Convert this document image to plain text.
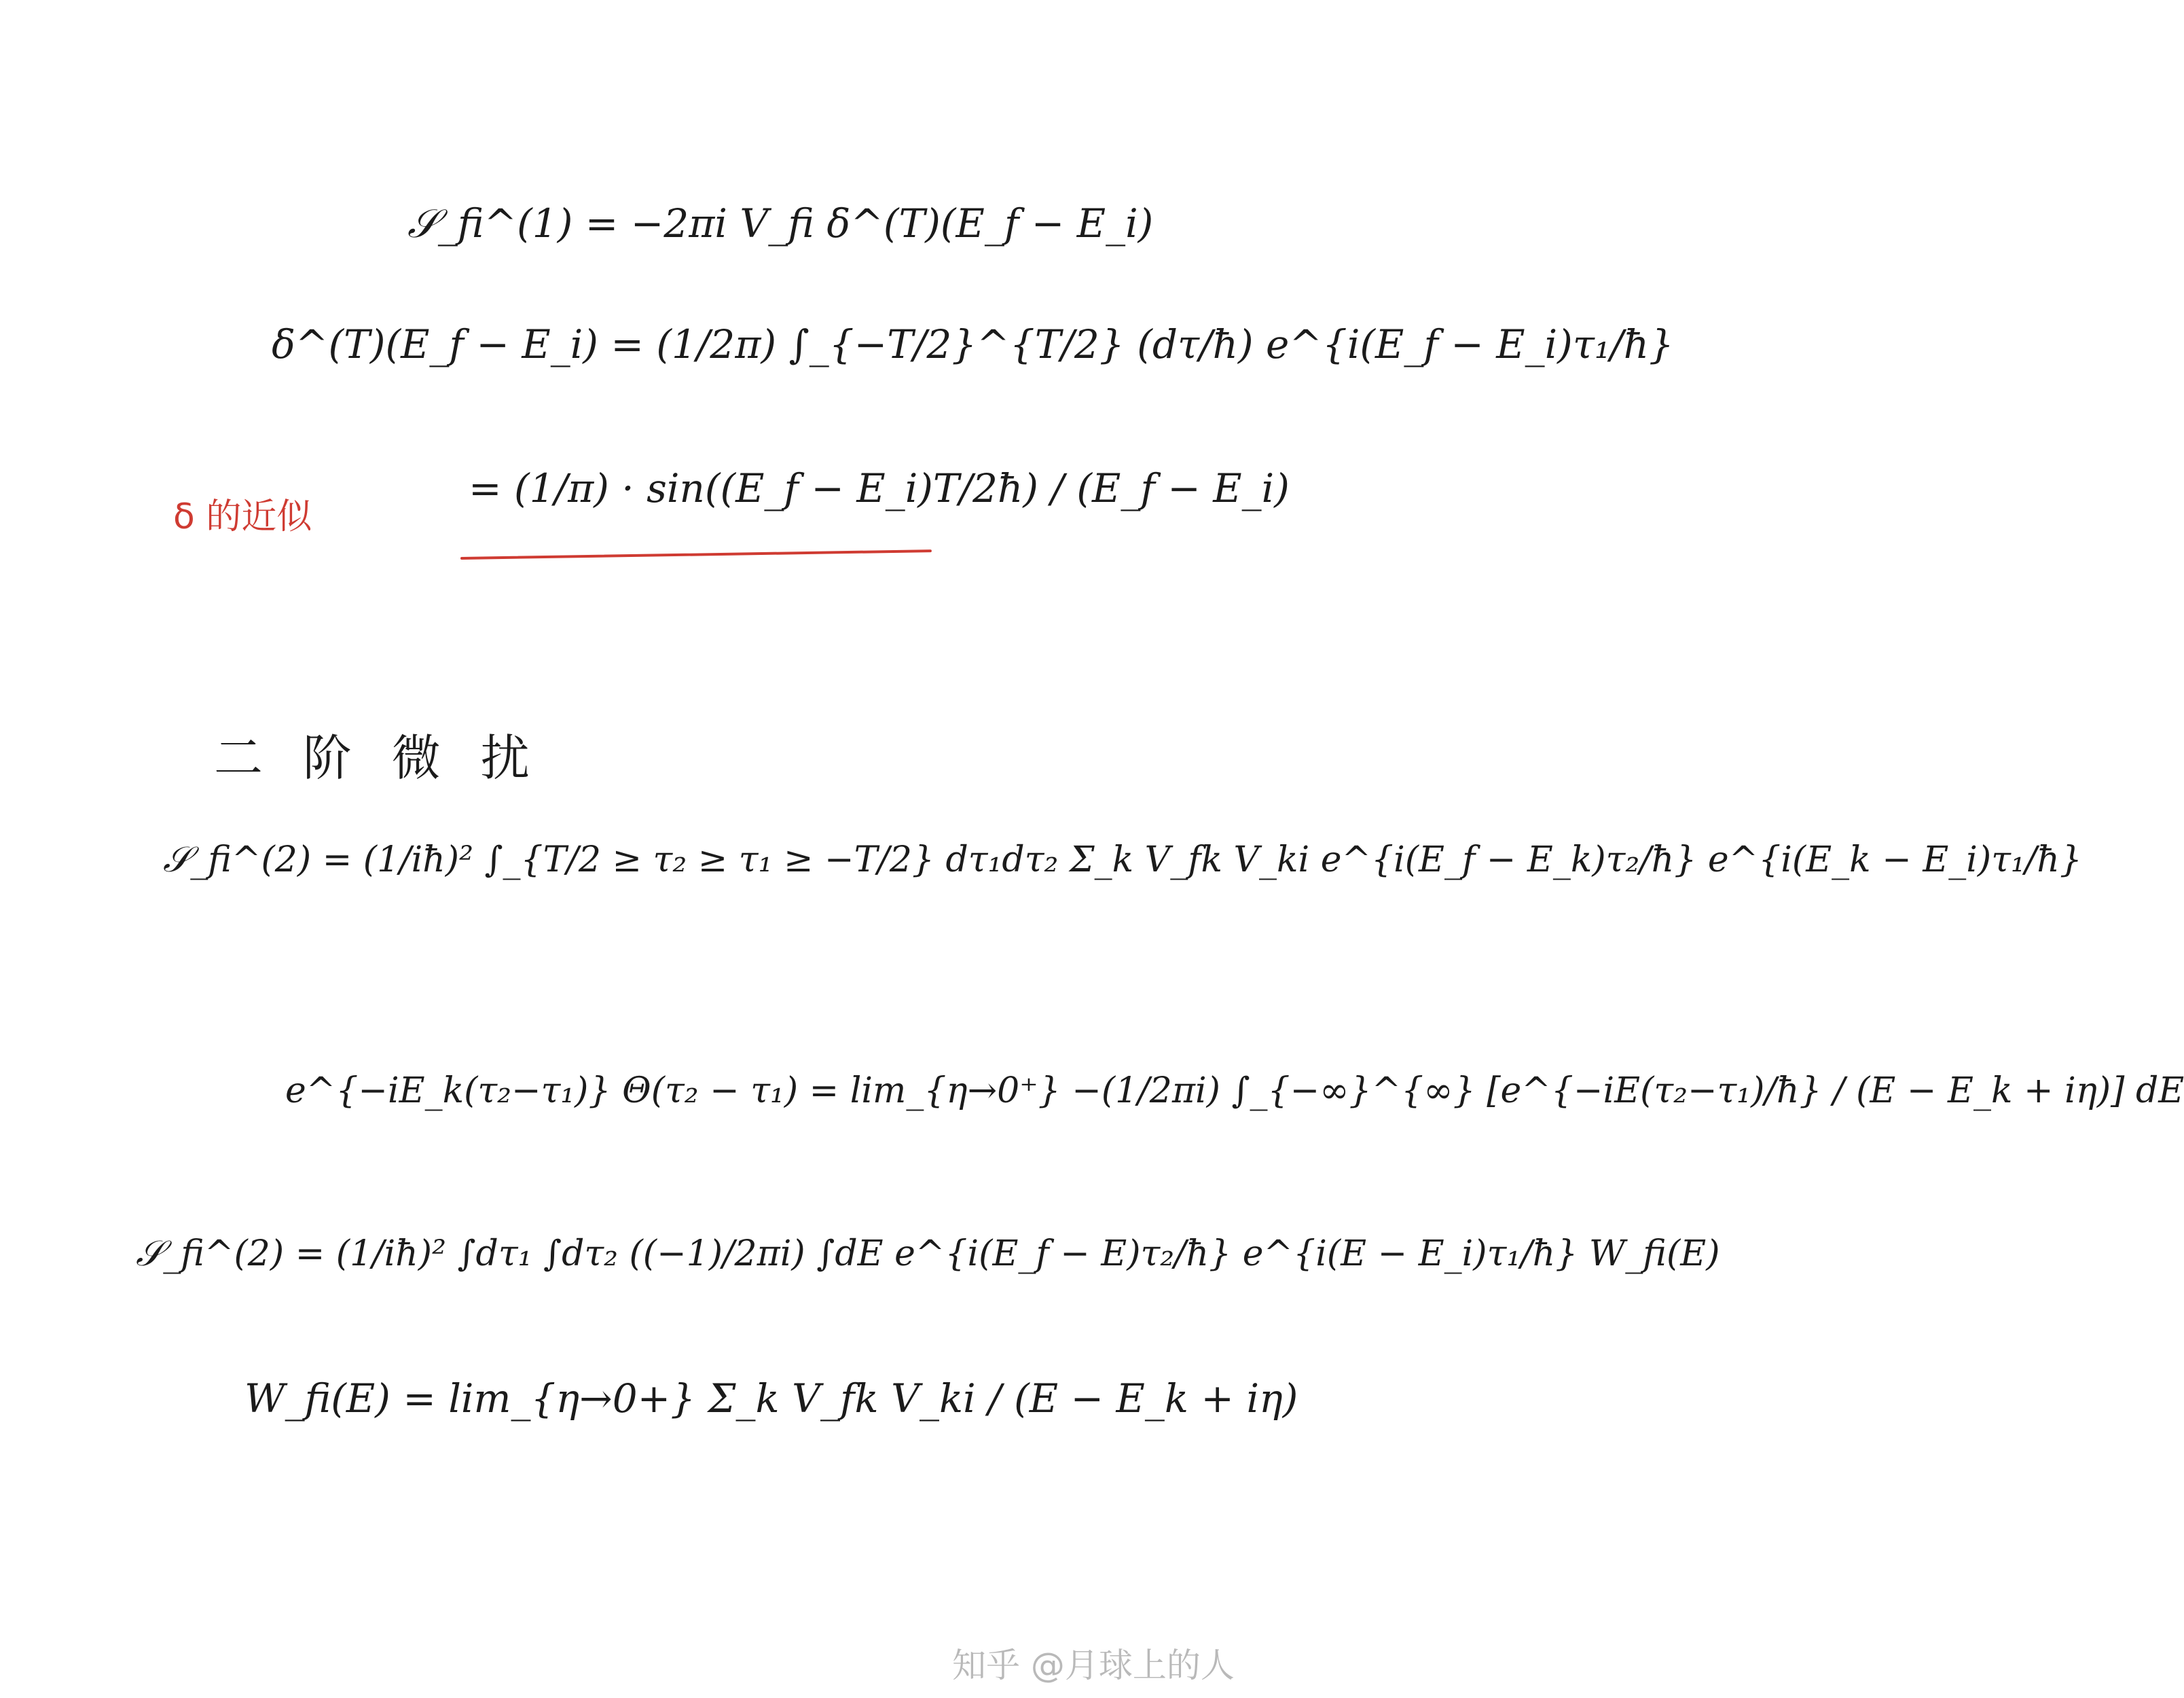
𝒮_fi^(1) = −2πi V_fi δ^(T)(E_f − E_i)
δ^(T)(E_f − E_i) = (1/2π) ∫_{−T/2}^{T/2} (dτ/ħ) e^{i(E_f − E_i)τ₁/ħ}
δ 的近似
= (1/π) · sin((E_f − E_i)T/2ħ) / (E_f − E_i)
二 阶 微 扰
𝒮_fi^(2) = (1/iħ)² ∫_{T/2 ≥ τ₂ ≥ τ₁ ≥ −T/2} dτ₁dτ₂ Σ_k V_fk V_ki e^{i(E_f − E_k)τ₂/ħ} e^{i(E_k − E_i)τ₁/ħ}
e^{−iE_k(τ₂−τ₁)} Θ(τ₂ − τ₁) = lim_{η→0⁺} −(1/2πi) ∫_{−∞}^{∞} [e^{−iE(τ₂−τ₁)/ħ} / (E − E_k + iη)] dE
𝒮_fi^(2) = (1/iħ)² ∫dτ₁ ∫dτ₂ ((−1)/2πi) ∫dE e^{i(E_f − E)τ₂/ħ} e^{i(E − E_i)τ₁/ħ} W_fi(E)
W_fi(E) = lim_{η→0+} Σ_k V_fk V_ki / (E − E_k + iη)
知乎 @月球上的人
